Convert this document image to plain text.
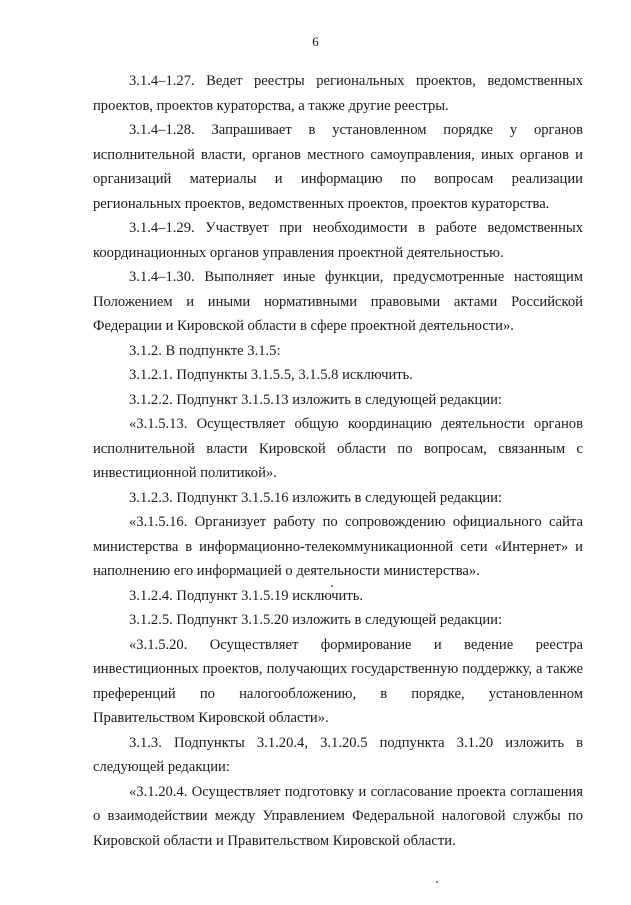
6

3.1.4–1.27. Ведет реестры региональных проектов, ведомственных проектов, проектов кураторства, а также другие реестры.

3.1.4–1.28. Запрашивает в установленном порядке у органов исполнительной власти, органов местного самоуправления, иных органов и организаций материалы и информацию по вопросам реализации региональных проектов, ведомственных проектов, проектов кураторства.

3.1.4–1.29. Участвует при необходимости в работе ведомственных координационных органов управления проектной деятельностью.

3.1.4–1.30. Выполняет иные функции, предусмотренные настоящим Положением и иными нормативными правовыми актами Российской Федерации и Кировской области в сфере проектной деятельности».

3.1.2. В подпункте 3.1.5:

3.1.2.1. Подпункты 3.1.5.5, 3.1.5.8 исключить.

3.1.2.2. Подпункт 3.1.5.13 изложить в следующей редакции:

«3.1.5.13. Осуществляет общую координацию деятельности органов исполнительной власти Кировской области по вопросам, связанным с инвестиционной политикой».

3.1.2.3. Подпункт 3.1.5.16 изложить в следующей редакции:

«3.1.5.16. Организует работу по сопровождению официального сайта министерства в информационно-телекоммуникационной сети «Интернет» и наполнению его информацией о деятельности министерства».

3.1.2.4. Подпункт 3.1.5.19 исключить.

3.1.2.5. Подпункт 3.1.5.20 изложить в следующей редакции:

«3.1.5.20. Осуществляет формирование и ведение реестра инвестиционных проектов, получающих государственную поддержку, а также преференций по налогообложению, в порядке, установленном Правительством Кировской области».

3.1.3. Подпункты 3.1.20.4, 3.1.20.5 подпункта 3.1.20 изложить в следующей редакции:

«3.1.20.4. Осуществляет подготовку и согласование проекта соглашения о взаимодействии между Управлением Федеральной налоговой службы по Кировской области и Правительством Кировской области.
